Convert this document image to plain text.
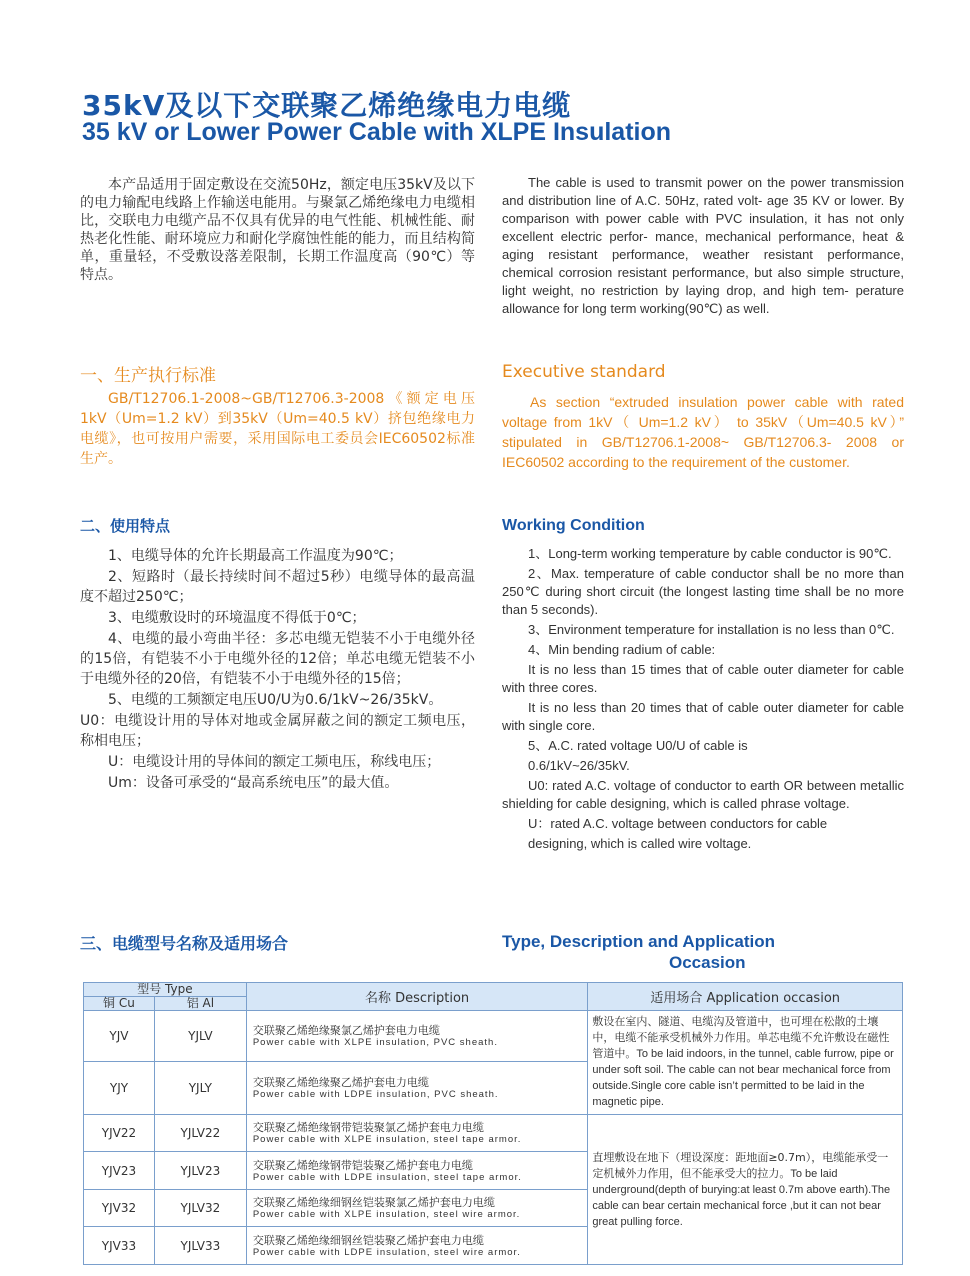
35kV及以下交联聚乙烯绝缘电力电缆
35 kV or Lower Power Cable with XLPE Insulation

本产品适用于固定敷设在交流50Hz，额定电压35kV及以下的电力输配电线路上作输送电能用。与聚氯乙烯绝缘电力电缆相比，交联电力电缆产品不仅具有优异的电气性能、机械性能、耐热老化性能、耐环境应力和耐化学腐蚀性能的能力，而且结构简单，重量轻，不受敷设落差限制，长期工作温度高（90℃）等特点。

The cable is used to transmit power on the power transmission and distribution line of A.C. 50Hz, rated volt- age 35 KV or lower. By comparison with power cable with PVC insulation, it has not only excellent electric perfor- mance, mechanical performance, heat & aging resistant performance, weather resistant performance, chemical corrosion resistant performance, but also simple structure, light weight, no restriction by laying drop, and high tem- perature allowance for long term working(90℃) as well.

一、生产执行标准

GB/T12706.1-2008~GB/T12706.3-2008《额定电压1kV（Um=1.2 kV）到35kV（Um=40.5 kV）挤包绝缘电力电缆》，也可按用户需要，采用国际电工委员会IEC60502标准生产。

Executive standard

As section “extruded insulation power cable with rated voltage from 1kV（ Um=1.2 kV） to 35kV（Um=40.5 kV）” stipulated in GB/T12706.1-2008~ GB/T12706.3- 2008 or IEC60502 according to the requirement of the customer.

二、使用特点

1、电缆导体的允许长期最高工作温度为90℃；

2、短路时（最长持续时间不超过5秒）电缆导体的最高温度不超过250℃；

3、电缆敷设时的环境温度不得低于0℃；

4、电缆的最小弯曲半径：多芯电缆无铠装不小于电缆外径的15倍，有铠装不小于电缆外径的12倍；单芯电缆无铠装不小于电缆外径的20倍，有铠装不小于电缆外径的15倍；

5、电缆的工频额定电压U0/U为0.6/1kV~26/35kV。

U0：电缆设计用的导体对地或金属屏蔽之间的额定工频电压，称相电压；

U：电缆设计用的导体间的额定工频电压，称线电压；

Um：设备可承受的“最高系统电压”的最大值。

Working Condition

1、Long-term working temperature by cable conductor is 90℃.

2、Max. temperature of cable conductor shall be no more than 250℃ during short circuit (the longest lasting time shall be no more than 5 seconds).

3、Environment temperature for installation is no less than 0℃.

4、Min bending radium of cable:

It is no less than 15 times that of cable outer diameter for cable with three cores.

It is no less than 20 times that of cable outer diameter for cable with single core.

5、A.C. rated voltage U0/U of cable is

0.6/1kV~26/35kV.

U0: rated A.C. voltage of conductor to earth OR between metallic shielding for cable designing, which is called phrase voltage.

U：rated A.C. voltage between conductors for cable

designing, which is called wire voltage.

三、电缆型号名称及适用场合	Type, Description and Application
Occasion
型号 Type		名称 Description	适用场合 Application occasion
铜 Cu	铝 Al		
YJV	YJLV	交联聚乙烯绝缘聚氯乙烯护套电力电缆
Power cable with XLPE insulation, PVC sheath.	敷设在室内、隧道、电缆沟及管道中，也可埋在松散的土壤中，电缆不能承受机械外力作用。单芯电缆不允许敷设在磁性管道中。To be laid indoors, in the tunnel, cable furrow, pipe or under soft soil. The cable can not bear mechanical force from outside.Single core cable isn’t permitted to be laid in the magnetic pipe.
YJY	YJLY	交联聚乙烯绝缘聚乙烯护套电力电缆
Power cable with LDPE insulation, PVC sheath.	

YJV22	YJLV22	交联聚乙烯绝缘钢带铠装聚氯乙烯护套电力电缆
Power cable with XLPE insulation, steel tape armor.	直埋敷设在地下（埋设深度：距地面≥0.7m），电缆能承受一定机械外力作用，但不能承受大的拉力。To be laid underground(depth of burying:at least 0.7m above earth).The cable can bear certain mechanical force ,but it can not bear great pulling force.
YJV23	YJLV23	交联聚乙烯绝缘钢带铠装聚乙烯护套电力电缆
Power cable with LDPE insulation, steel tape armor.	

YJV32	YJLV32	交联聚乙烯绝缘细钢丝铠装聚氯乙烯护套电力电缆
Power cable with XLPE insulation, steel wire armor.	

YJV33	YJLV33	交联聚乙烯绝缘细钢丝铠装聚乙烯护套电力电缆
Power cable with LDPE insulation, steel wire armor.	
